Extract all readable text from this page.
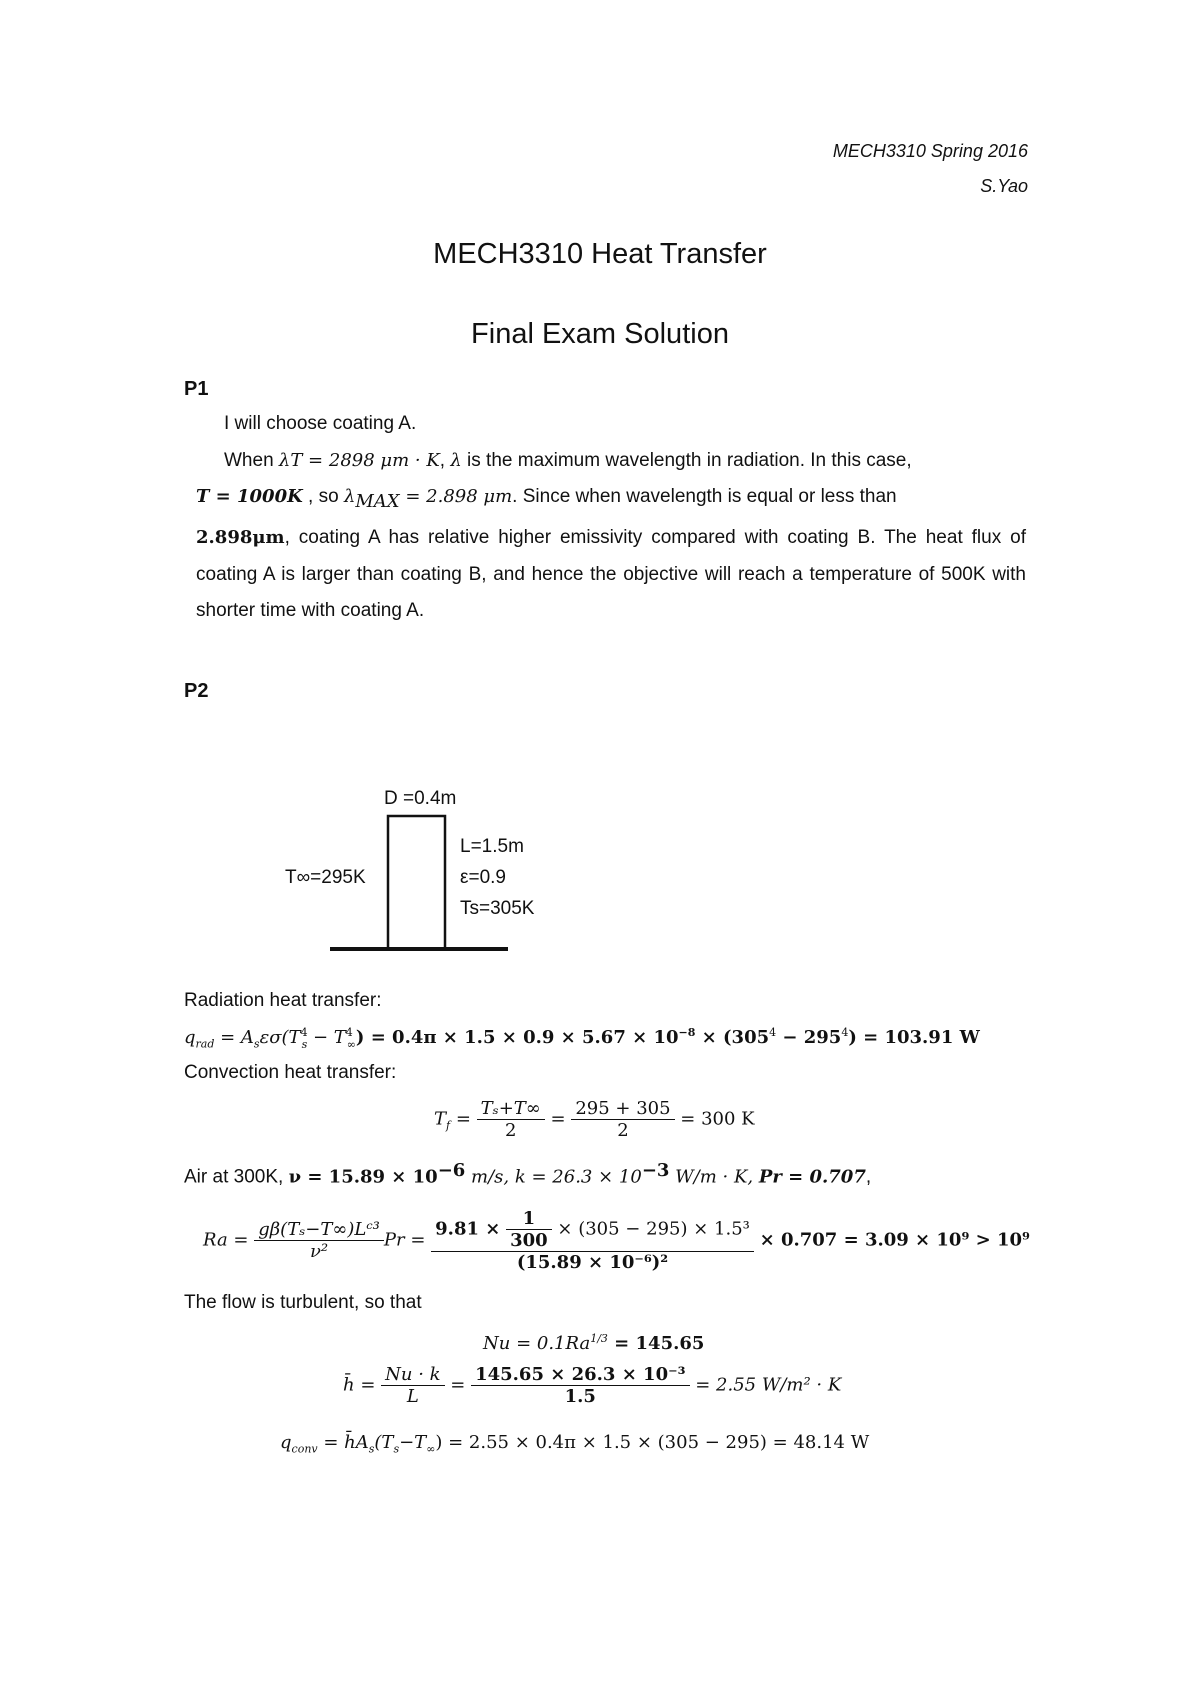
MECH3310 Spring 2016
S.Yao
MECH3310 Heat Transfer
Final Exam Solution
P1

I will choose coating A.

When λT = 2898 μm · K, λ is the maximum wavelength in radiation. In this case,

T = 1000K , so $\lambda_{MAX} = 2.898$ μm. Since when wavelength is equal or less than

2.898μm, coating A has relative higher emissivity compared with coating B. The heat flux of coating A is larger than coating B, and hence the objective will reach a temperature of 500K with shorter time with coating A.

P2
D =0.4m
L=1.5m
ε=0.9
Ts=305K
T∞=295K
Radiation heat transfer:
$q_{rad} = A_s\varepsilon\sigma(T^4_s - T^4_\infty) = 0.4\pi \times 1.5 \times 0.9 \times 5.67 \times 10^{-8} \times (305^4 - 295^4) = 103.91$ W
Convection heat transfer:
$T_f = \frac{\text{Tₛ+T∞}}{2} = \frac{295 + 305}{2} = 300$ K
Air at 300K, $\nu = 15.89 \times 10^{-6}$ m/s, $k = 26.3 \times 10^{-3}$ W/m · K, Pr = 0.707,
$Ra = \frac{\text{gβ(Tₛ−T∞)Lᶜ³}}{\text{ν²}}$ $Pr = \frac{9.81 \times \frac{1}{300} \times (305 - 295) \times 1.5^3}{\text{(15.89 × 10⁻⁶)²}} \times 0.707 = 3.09 \times 10^9 > 10^9$
The flow is turbulent, so that
$Nu = 0.1Ra^{1/3} = 145.65$
h̄ = $\frac{Nu \cdot k}{L} = \frac{\text{145.65 × 26.3 × 10⁻³}}{1.5} = 2.55$ W/m² · K
$q_{conv}$ = $h̄A_s(T_s-T_\infty) = 2.55 \times 0.4\pi \times 1.5 \times (305 - 295) = 48.14$ W
